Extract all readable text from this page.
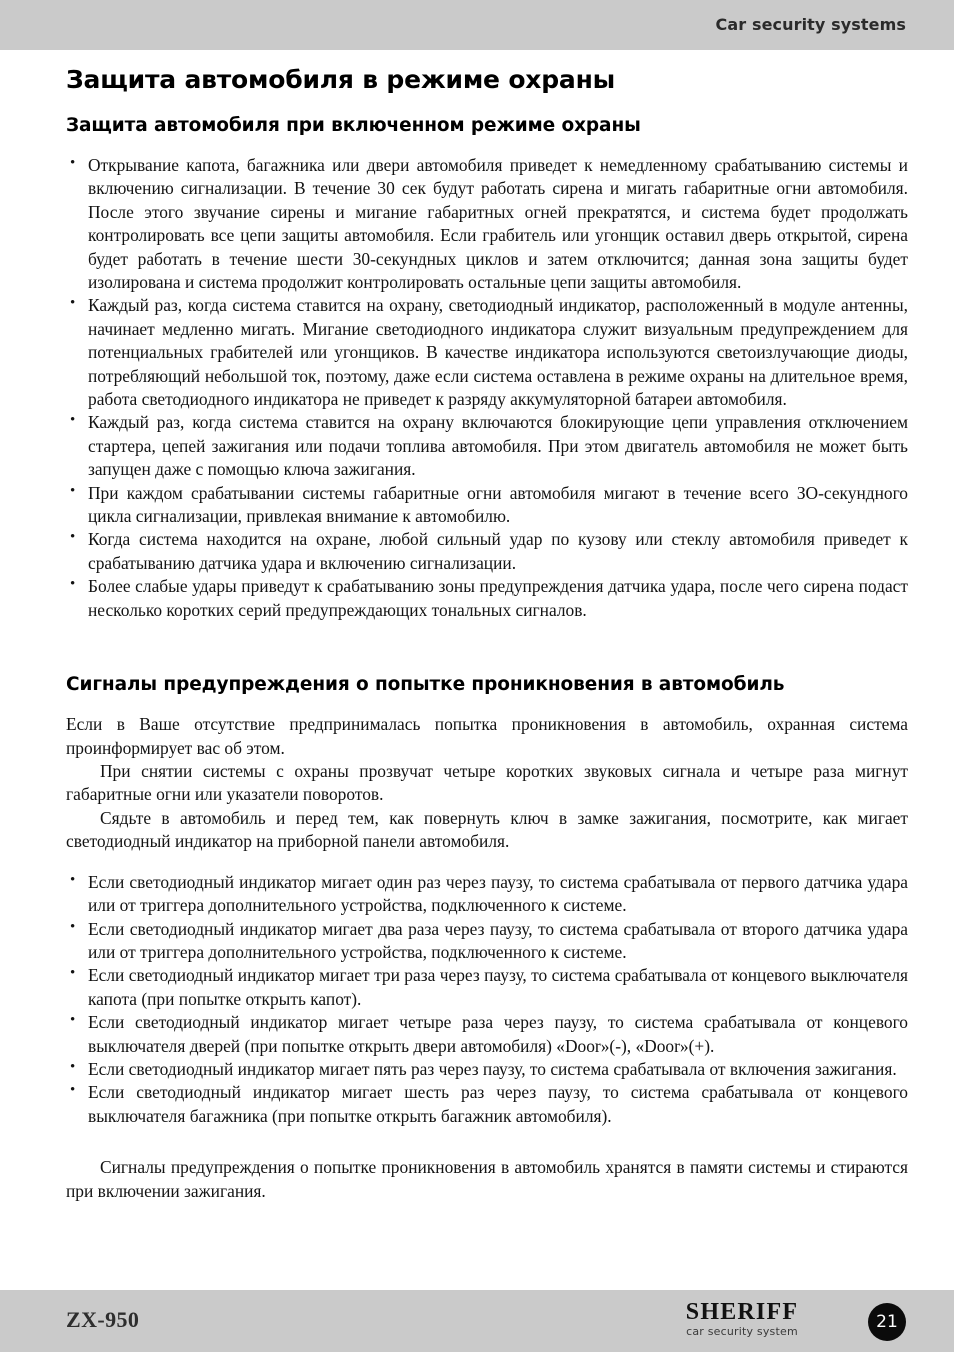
Car security systems
Защита автомобиля в режиме охраны
Защита автомобиля при включенном режиме охраны
• Открывание капота, багажника или двери автомобиля приведет к немедленному срабатыванию системы и включению сигнализации. В течение 30 сек будут работать сирена и мигать габаритные огни автомобиля. После этого звучание сирены и мигание габаритных огней прекратятся, и система будет продолжать контролировать все цепи защиты автомобиля. Если грабитель или угонщик оставил дверь открытой, сирена будет работать в течение шести 30-секундных циклов и затем отключится; данная зона защиты будет изолирована и система продолжит контролировать остальные цепи защиты автомобиля.
• Каждый раз, когда система ставится на охрану, светодиодный индикатор, расположенный в модуле антенны, начинает медленно мигать. Мигание светодиодного индикатора служит визуальным предупреждением для потенциальных грабителей или угонщиков. В качестве индикатора используются светоизлучающие диоды, потребляющий небольшой ток, поэтому, даже если система оставлена в режиме охраны на длительное время, работа светодиодного индикатора не приведет к разряду аккумуляторной батареи автомобиля.
• Каждый раз, когда система ставится на охрану включаются блокирующие цепи управления отключением стартера, цепей зажигания или подачи топлива автомобиля. При этом двигатель автомобиля не может быть запущен даже с помощью ключа зажигания.
• При каждом срабатывании системы габаритные огни автомобиля мигают в течение всего ЗО-секундного цикла сигнализации, привлекая внимание к автомобилю.
• Когда система находится на охране, любой сильный удар по кузову или стеклу автомобиля приведет к срабатыванию датчика удара и включению сигнализации.
• Более слабые удары приведут к срабатыванию зоны предупреждения датчика удара, после чего сирена подаст несколько коротких серий предупреждающих тональных сигналов.
Сигналы предупреждения о попытке проникновения в автомобиль

Если в Ваше отсутствие предпринималась попытка проникновения в автомобиль, охранная система проинформирует вас об этом.

При снятии системы с охраны прозвучат четыре коротких звуковых сигнала и четыре раза мигнут габаритные огни или указатели поворотов.

Сядьте в автомобиль и перед тем, как повернуть ключ в замке зажигания, посмотрите, как мигает светодиодный индикатор на приборной панели автомобиля.

• Если светодиодный индикатор мигает один раз через паузу, то система срабатывала от первого датчика удара или от триггера дополнительного устройства, подключенного к системе.
• Если светодиодный индикатор мигает два раза через паузу, то система срабатывала от второго датчика удара или от триггера дополнительного устройства, подключенного к системе.
• Если светодиодный индикатор мигает три раза через паузу, то система срабатывала от концевого выключателя капота (при попытке открыть капот).
• Если светодиодный индикатор мигает четыре раза через паузу, то система срабатывала от концевого выключателя дверей (при попытке открыть двери автомобиля) «Door»(-), «Door»(+).
• Если светодиодный индикатор мигает пять раз через паузу, то система срабатывала от включения зажигания.
• Если светодиодный индикатор мигает шесть раз через паузу, то система срабатывала от концевого выключателя багажника (при попытке открыть багажник автомобиля).

Сигналы предупреждения о попытке проникновения в автомобиль хранятся в памяти системы и стираются при включении зажигания.

ZX-950	SHERIFF
car security system	21
